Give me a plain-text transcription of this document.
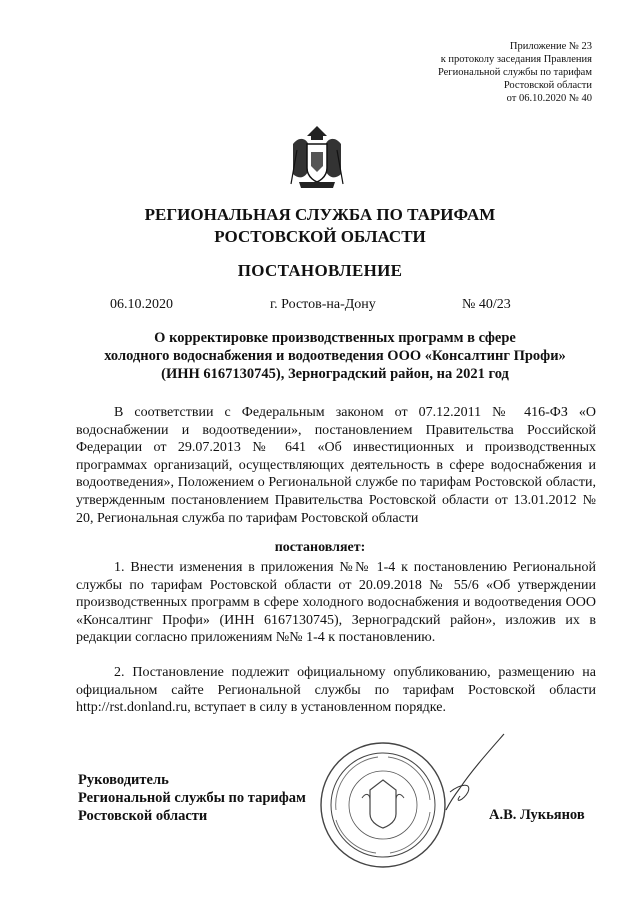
Приложение № 23
к протоколу заседания Правления
Региональной службы по тарифам
Ростовской области
от 06.10.2020 № 40
РЕГИОНАЛЬНАЯ СЛУЖБА ПО ТАРИФАМ
РОСТОВСКОЙ ОБЛАСТИ
ПОСТАНОВЛЕНИЕ
06.10.2020	г. Ростов-на-Дону	№ 40/23
О корректировке производственных программ в сфере
холодного водоснабжения и водоотведения ООО «Консалтинг Профи»
(ИНН 6167130745), Зерноградский район, на 2021 год

В соответствии с Федеральным законом от 07.12.2011 № 416-ФЗ «О водоснабжении и водоотведении», постановлением Правительства Российской Федерации от 29.07.2013 № 641 «Об инвестиционных и производственных программах организаций, осуществляющих деятельность в сфере водоснабжения и водоотведения», Положением о Региональной службе по тарифам Ростовской области, утвержденным постановлением Правительства Ростовской области от 13.01.2012 № 20, Региональная служба по тарифам Ростовской области

постановляет:

1. Внести изменения в приложения №№ 1-4 к постановлению Региональной службы по тарифам Ростовской области от 20.09.2018 № 55/6 «Об утверждении производственных программ в сфере холодного водоснабжения и водоотведения ООО «Консалтинг Профи» (ИНН 6167130745), Зерноградский район», изложив их в редакции согласно приложениям №№ 1-4 к постановлению.

2. Постановление подлежит официальному опубликованию, размещению на официальном сайте Региональной службы по тарифам Ростовской области http://rst.donland.ru, вступает в силу в установленном порядке.

Руководитель
Региональной службы по тарифам
Ростовской области	А.В. Лукьянов
